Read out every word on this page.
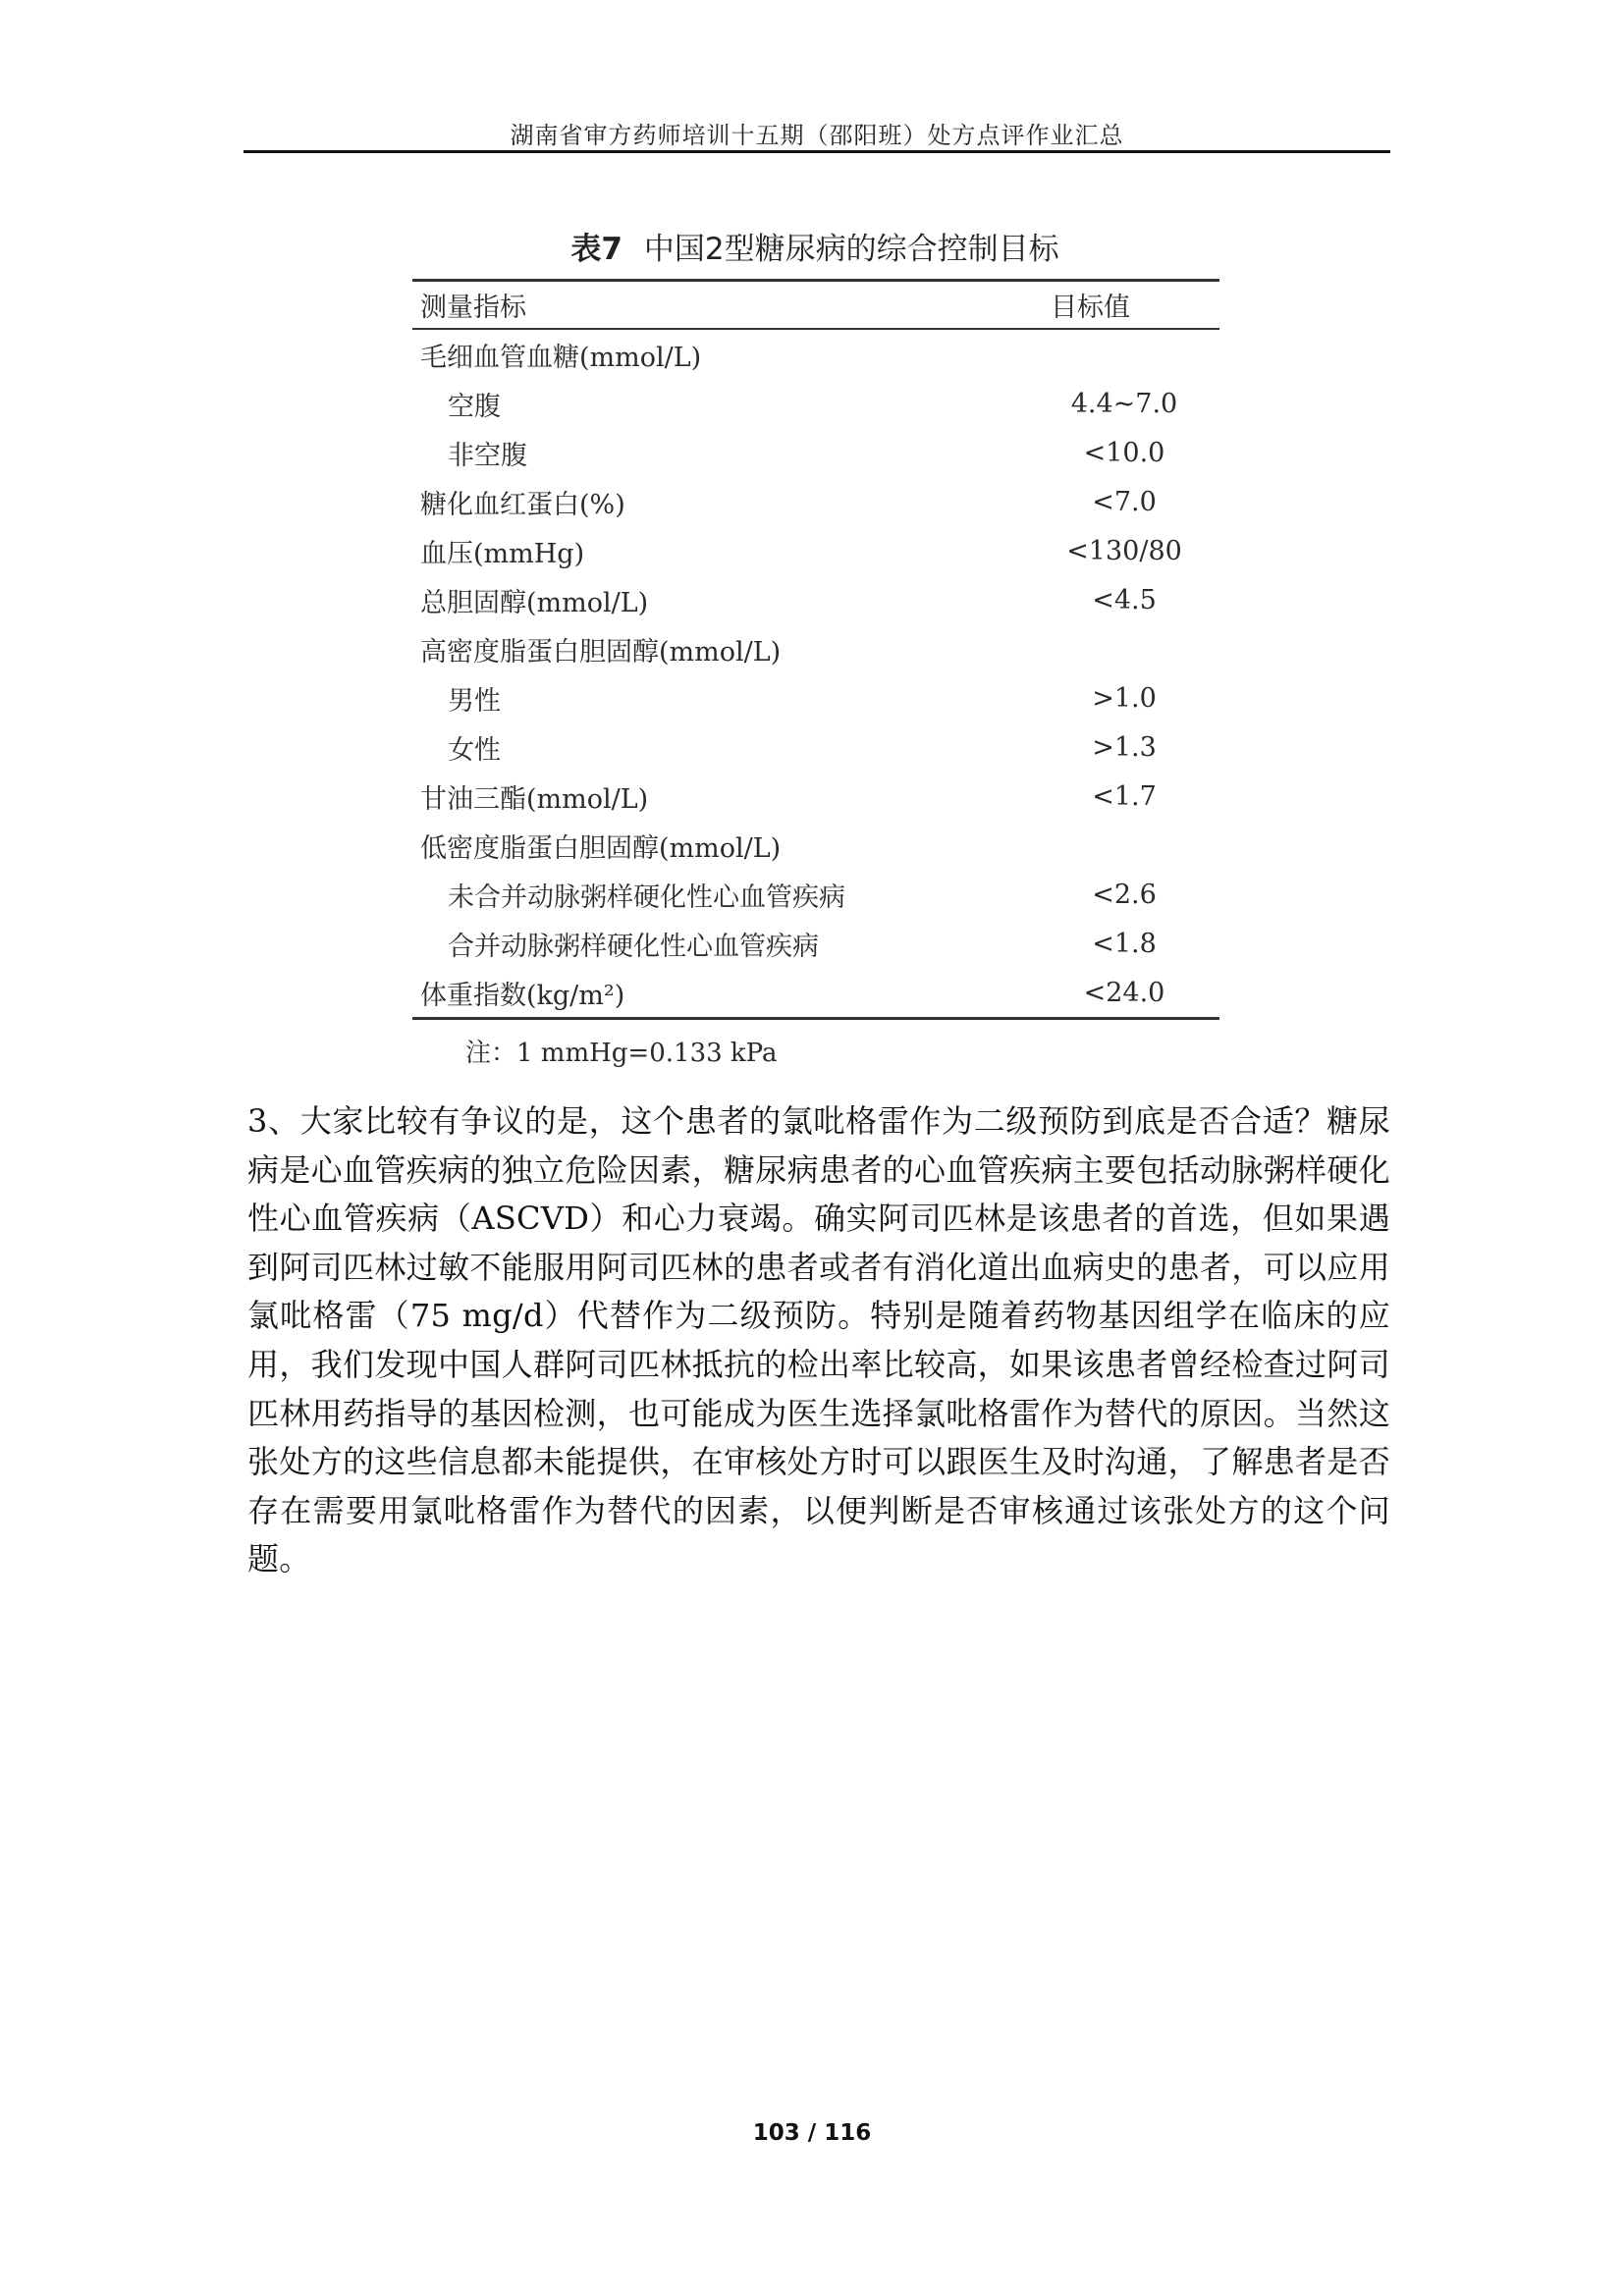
湖南省审方药师培训十五期（邵阳班）处方点评作业汇总
表7 中国2型糖尿病的综合控制目标
测量指标	目标值
毛细血管血糖(mmol/L)	
空腹	4.4~7.0
非空腹	<10.0
糖化血红蛋白(%)	<7.0
血压(mmHg)	<130/80
总胆固醇(mmol/L)	<4.5
高密度脂蛋白胆固醇(mmol/L)	
男性	>1.0
女性	>1.3
甘油三酯(mmol/L)	<1.7
低密度脂蛋白胆固醇(mmol/L)	
未合并动脉粥样硬化性心血管疾病	<2.6
合并动脉粥样硬化性心血管疾病	<1.8
体重指数(kg/m²)	<24.0
注：1 mmHg=0.133 kPa

3、大家比较有争议的是，这个患者的氯吡格雷作为二级预防到底是否合适？糖尿病是心血管疾病的独立危险因素，糖尿病患者的心血管疾病主要包括动脉粥样硬化性心血管疾病（ASCVD）和心力衰竭。确实阿司匹林是该患者的首选，但如果遇到阿司匹林过敏不能服用阿司匹林的患者或者有消化道出血病史的患者，可以应用氯吡格雷（75 mg/d）代替作为二级预防。特别是随着药物基因组学在临床的应用，我们发现中国人群阿司匹林抵抗的检出率比较高，如果该患者曾经检查过阿司匹林用药指导的基因检测，也可能成为医生选择氯吡格雷作为替代的原因。当然这张处方的这些信息都未能提供，在审核处方时可以跟医生及时沟通，了解患者是否存在需要用氯吡格雷作为替代的因素，以便判断是否审核通过该张处方的这个问题。

103 / 116
